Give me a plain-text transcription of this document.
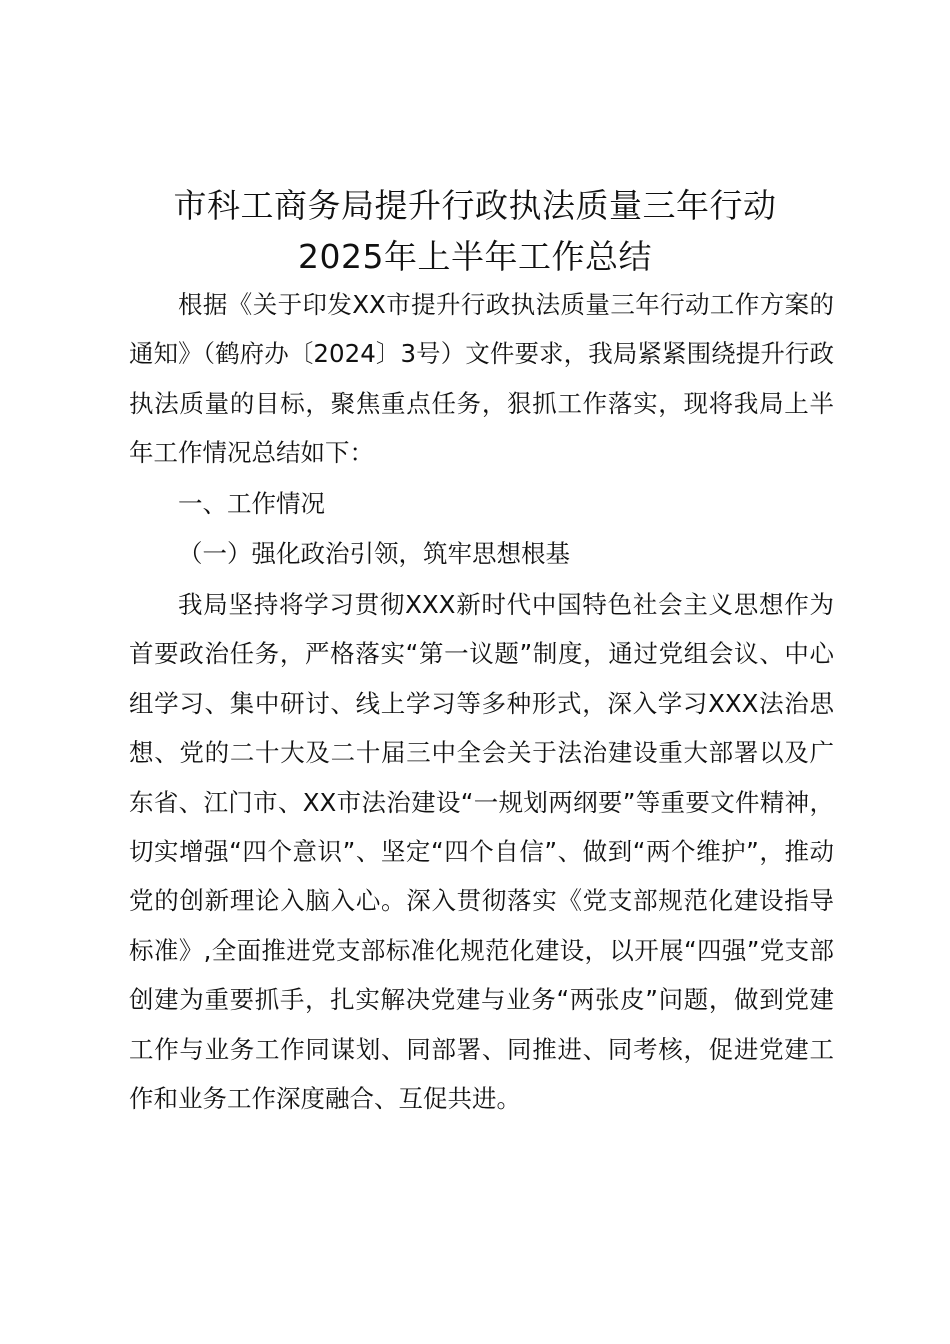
市科工商务局提升行政执法质量三年行动
2025年上半年工作总结

根据《关于印发XX市提升行政执法质量三年行动工作方案的通知》（鹤府办〔2024〕3号）文件要求，我局紧紧围绕提升行政执法质量的目标，聚焦重点任务，狠抓工作落实，现将我局上半年工作情况总结如下：

一、工作情况

（一）强化政治引领，筑牢思想根基

我局坚持将学习贯彻XXX新时代中国特色社会主义思想作为首要政治任务，严格落实“第一议题”制度，通过党组会议、中心组学习、集中研讨、线上学习等多种形式，深入学习XXX法治思想、党的二十大及二十届三中全会关于法治建设重大部署以及广东省、江门市、XX市法治建设“一规划两纲要”等重要文件精神，切实增强“四个意识”、坚定“四个自信”、做到“两个维护”，推动党的创新理论入脑入心。深入贯彻落实《党支部规范化建设指导标准》,全面推进党支部标准化规范化建设，以开展“四强”党支部创建为重要抓手，扎实解决党建与业务“两张皮”问题，做到党建工作与业务工作同谋划、同部署、同推进、同考核，促进党建工作和业务工作深度融合、互促共进。
